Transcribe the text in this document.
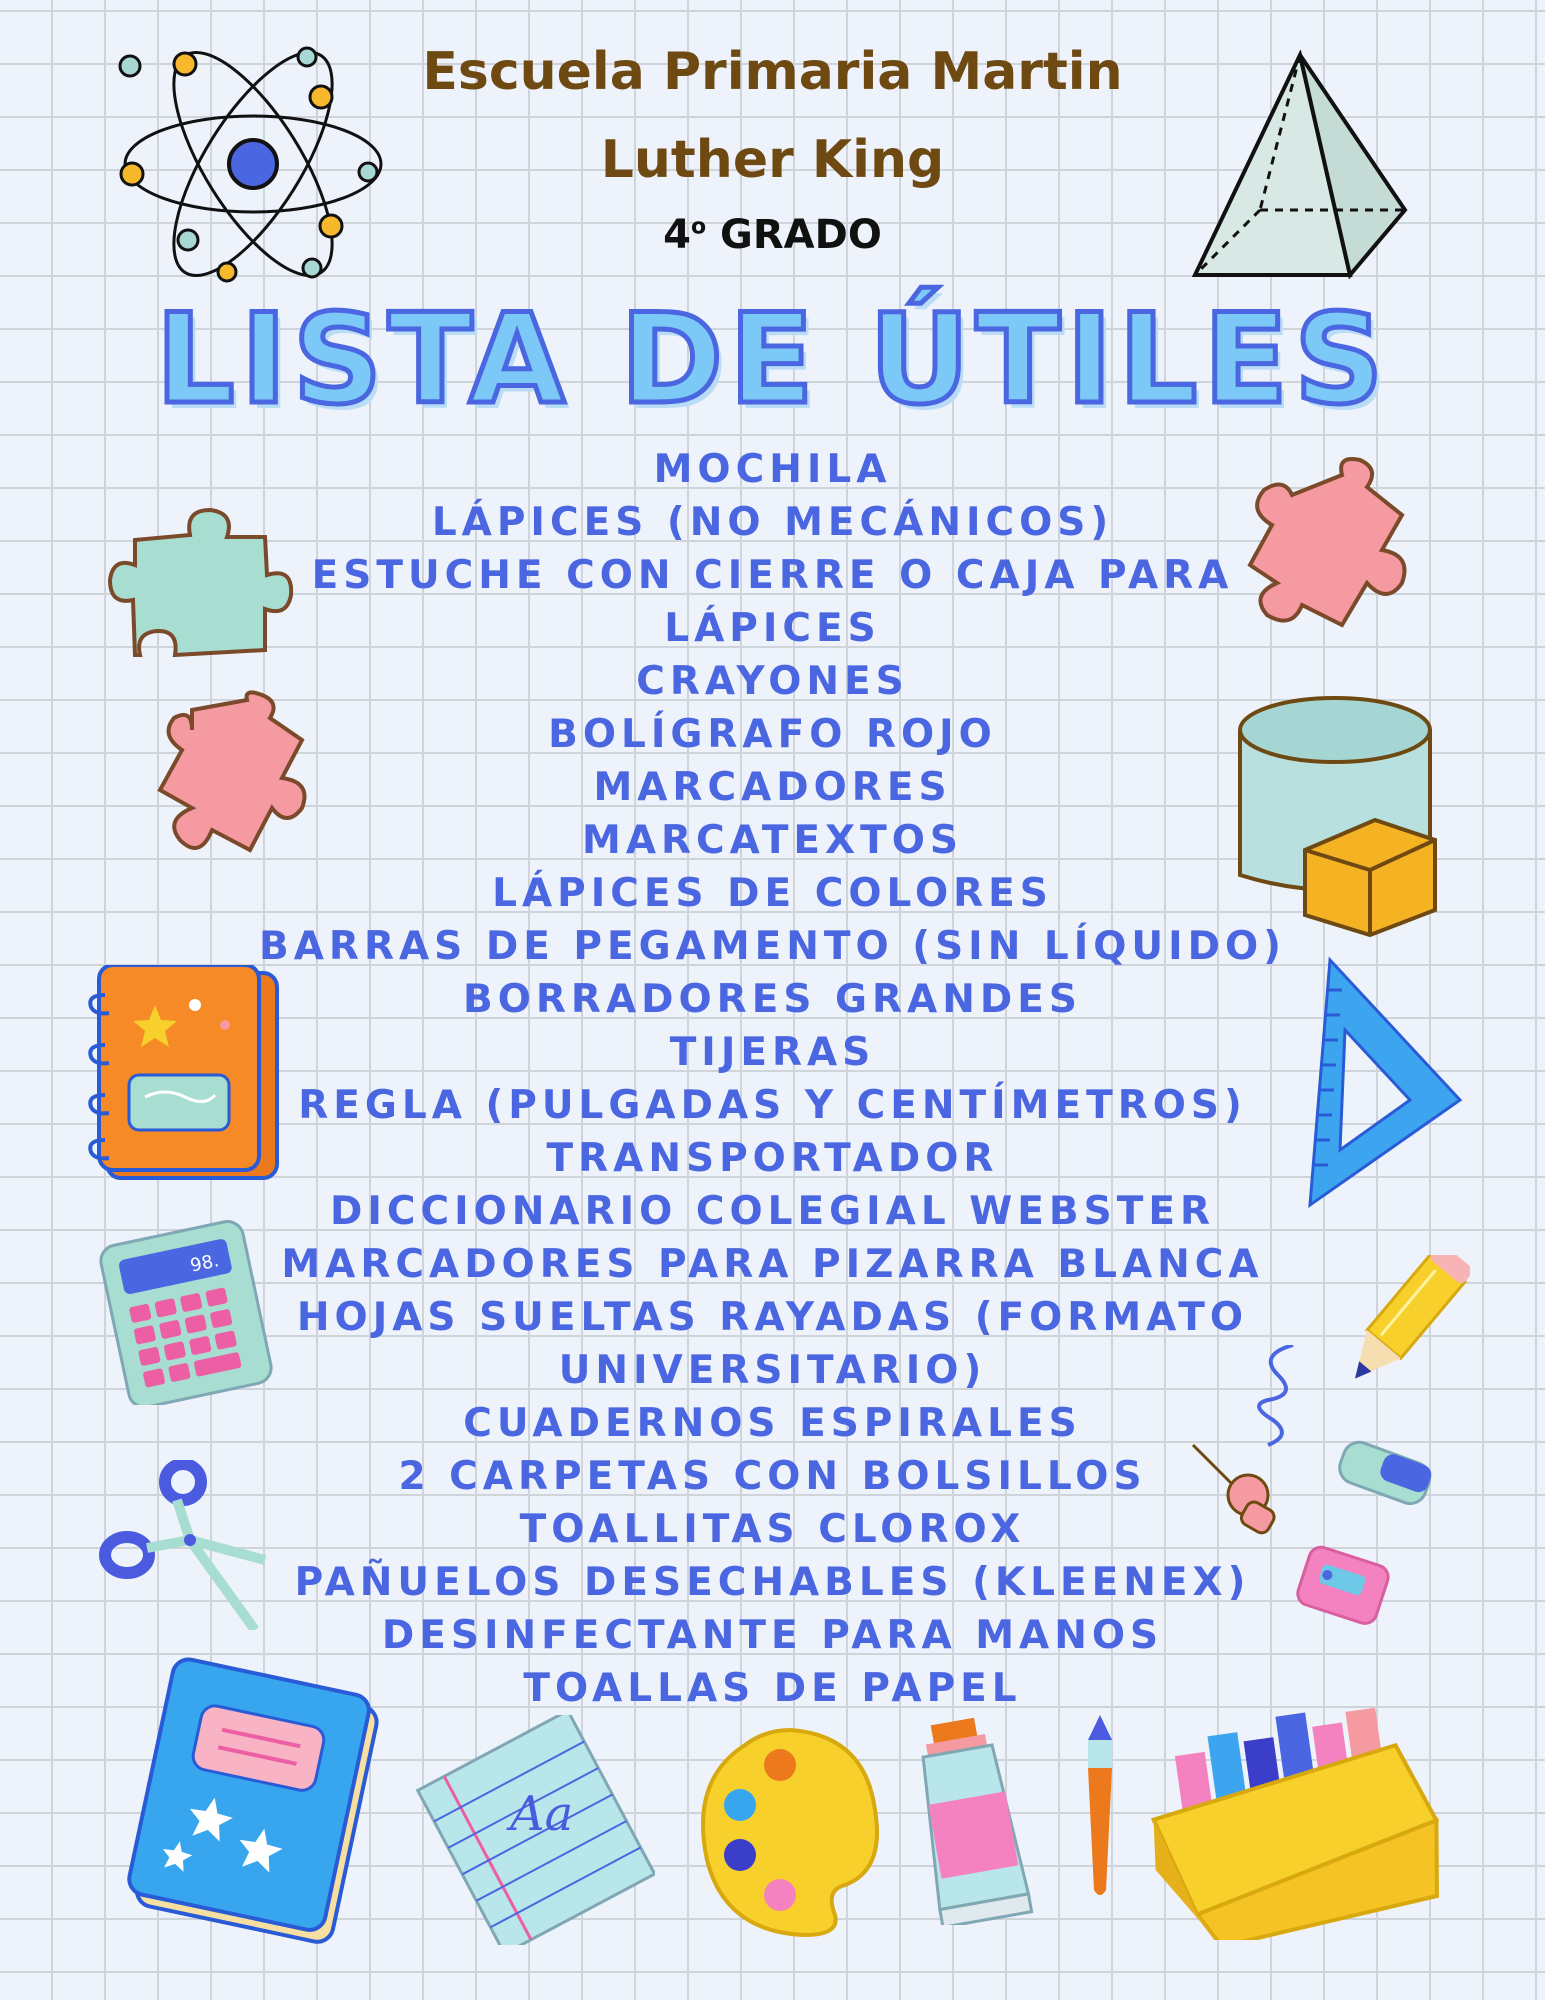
Escuela Primaria Martin
Luther King
4$^o$ GRADO
LISTA DE ÚTILES
MOCHILA
LÁPICES (NO MECÁNICOS)
ESTUCHE CON CIERRE O CAJA PARA
LÁPICES
CRAYONES
BOLÍGRAFO ROJO
MARCADORES
MARCATEXTOS
LÁPICES DE COLORES
BARRAS DE PEGAMENTO (SIN LÍQUIDO)
BORRADORES GRANDES
TIJERAS
REGLA (PULGADAS Y CENTÍMETROS)
TRANSPORTADOR
DICCIONARIO COLEGIAL WEBSTER
MARCADORES PARA PIZARRA BLANCA
HOJAS SUELTAS RAYADAS (FORMATO
UNIVERSITARIO)
CUADERNOS ESPIRALES
2 CARPETAS CON BOLSILLOS
TOALLITAS CLOROX
PAÑUELOS DESECHABLES (KLEENEX)
DESINFECTANTE PARA MANOS
TOALLAS DE PAPEL
98.
Aa
